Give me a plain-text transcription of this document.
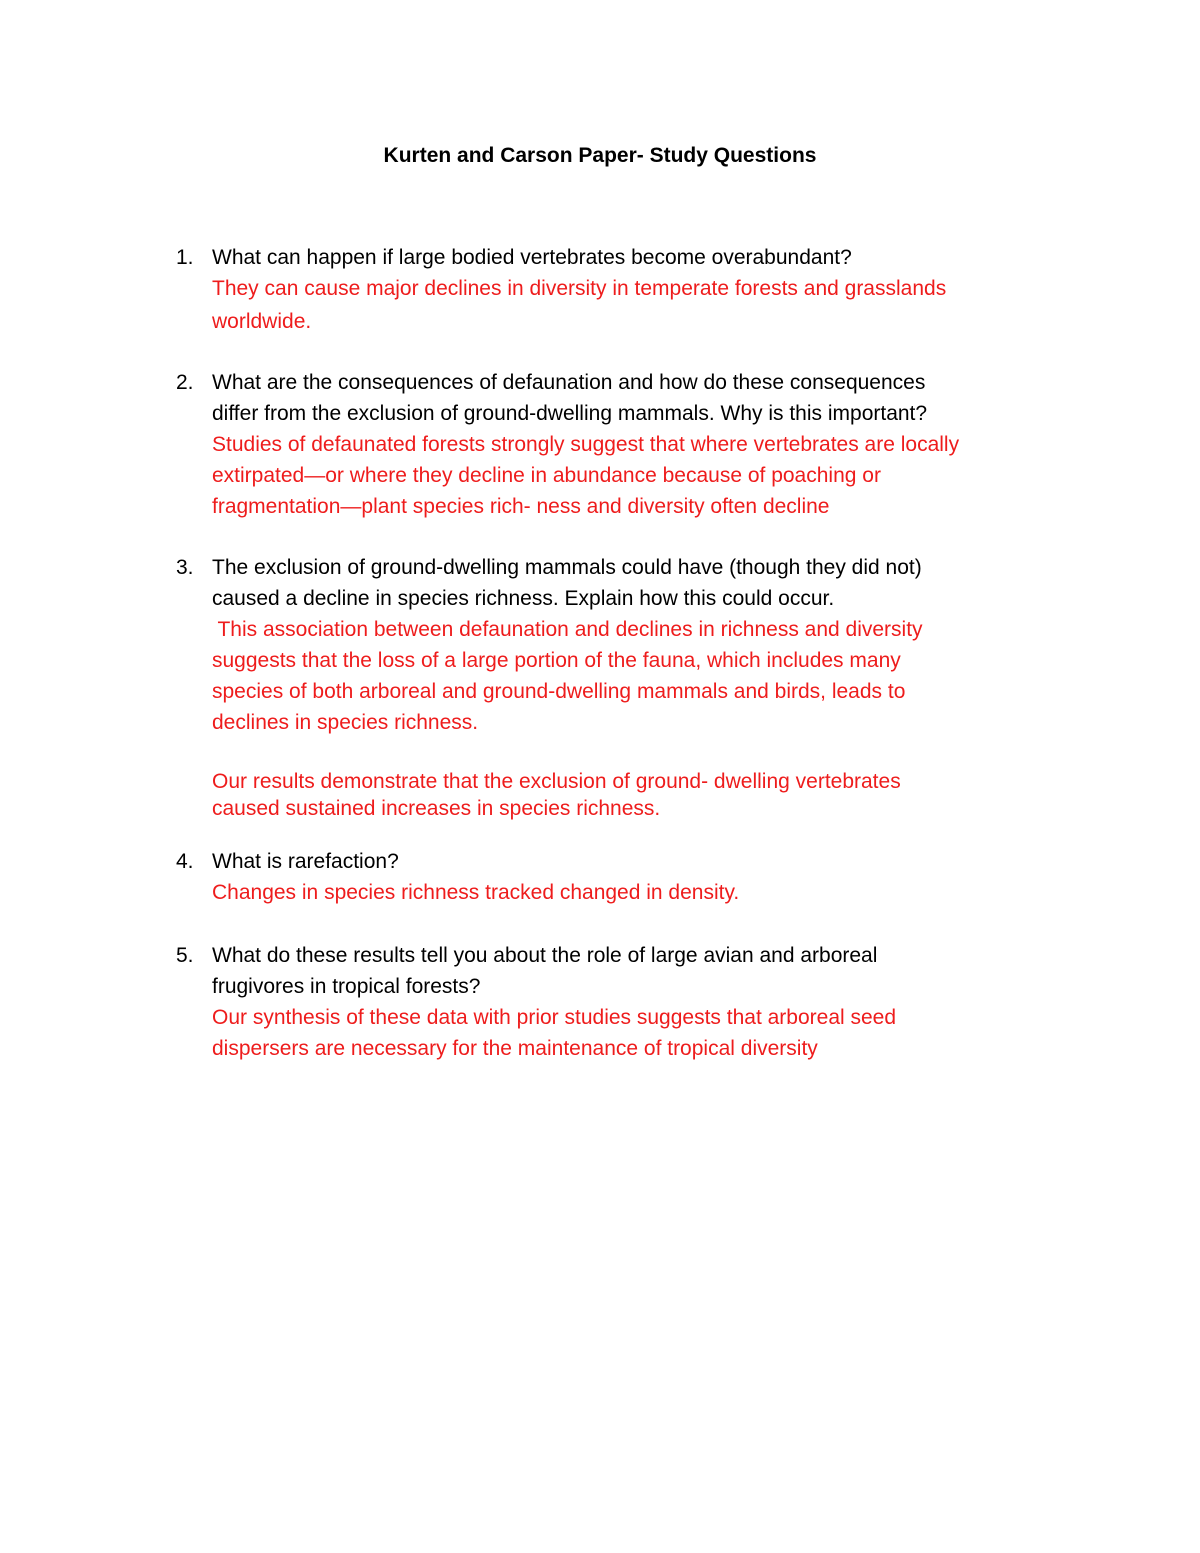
Kurten and Carson Paper- Study Questions
1. What can happen if large bodied vertebrates become overabundant?
They can cause major declines in diversity in temperate forests and grasslands
worldwide.
2. What are the consequences of defaunation and how do these consequences
differ from the exclusion of ground-dwelling mammals. Why is this important?
Studies of defaunated forests strongly suggest that where vertebrates are locally
extirpated—or where they decline in abundance because of poaching or
fragmentation—plant species rich- ness and diversity often decline
3. The exclusion of ground-dwelling mammals could have (though they did not)
caused a decline in species richness. Explain how this could occur.
This association between defaunation and declines in richness and diversity
suggests that the loss of a large portion of the fauna, which includes many
species of both arboreal and ground-dwelling mammals and birds, leads to
declines in species richness.
Our results demonstrate that the exclusion of ground- dwelling vertebrates
caused sustained increases in species richness.
4. What is rarefaction?
Changes in species richness tracked changed in density.
5. What do these results tell you about the role of large avian and arboreal
frugivores in tropical forests?
Our synthesis of these data with prior studies suggests that arboreal seed
dispersers are necessary for the maintenance of tropical diversity
